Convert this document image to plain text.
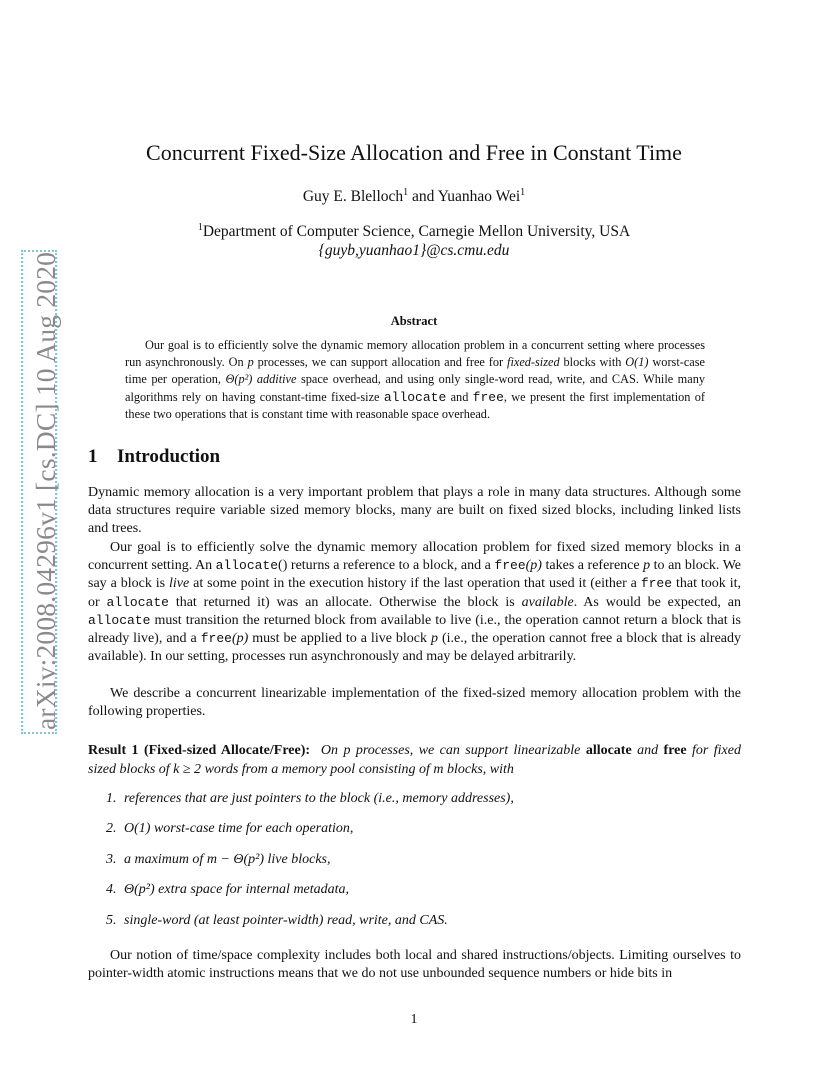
arXiv:2008.04296v1 [cs.DC] 10 Aug 2020
Concurrent Fixed-Size Allocation and Free in Constant Time
Guy E. Blelloch$^1$ and Yuanhao Wei$^1$
$^1$Department of Computer Science, Carnegie Mellon University, USA
{guyb,yuanhao1}@cs.cmu.edu
Abstract

Our goal is to efficiently solve the dynamic memory allocation problem in a concurrent setting where processes run asynchronously. On p processes, we can support allocation and free for fixed-sized blocks with O(1) worst-case time per operation, Θ(p²) additive space overhead, and using only single-word read, write, and CAS. While many algorithms rely on having constant-time fixed-size allocate and free, we present the first implementation of these two operations that is constant time with reasonable space overhead.

1 Introduction

Dynamic memory allocation is a very important problem that plays a role in many data structures. Although some data structures require variable sized memory blocks, many are built on fixed sized blocks, including linked lists and trees.

Our goal is to efficiently solve the dynamic memory allocation problem for fixed sized memory blocks in a concurrent setting. An allocate() returns a reference to a block, and a free(p) takes a reference p to an block. We say a block is live at some point in the execution history if the last operation that used it (either a free that took it, or allocate that returned it) was an allocate. Otherwise the block is available. As would be expected, an allocate must transition the returned block from available to live (i.e., the operation cannot return a block that is already live), and a free(p) must be applied to a live block p (i.e., the operation cannot free a block that is already available). In our setting, processes run asynchronously and may be delayed arbitrarily.

We describe a concurrent linearizable implementation of the fixed-sized memory allocation problem with the following properties.

Result 1 (Fixed-sized Allocate/Free): On p processes, we can support linearizable allocate and free for fixed sized blocks of k ≥ 2 words from a memory pool consisting of m blocks, with

1. references that are just pointers to the block (i.e., memory addresses),
2. O(1) worst-case time for each operation,
3. a maximum of m − Θ(p²) live blocks,
4. Θ(p²) extra space for internal metadata,
5. single-word (at least pointer-width) read, write, and CAS.

Our notion of time/space complexity includes both local and shared instructions/objects. Limiting ourselves to pointer-width atomic instructions means that we do not use unbounded sequence numbers or hide bits in

1
